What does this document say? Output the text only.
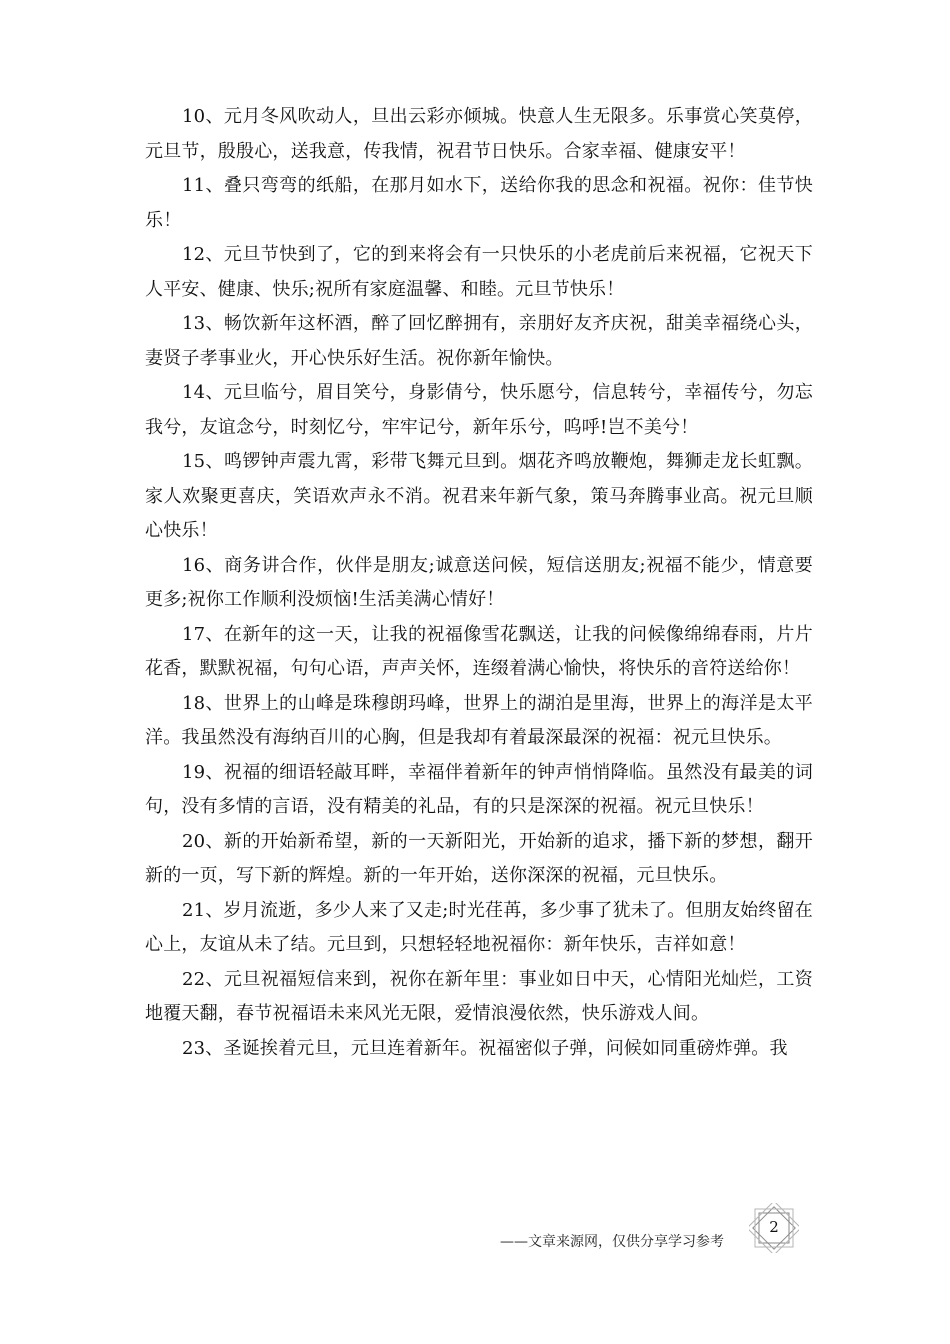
10、元月冬风吹动人，旦出云彩亦倾城。快意人生无限多。乐事赏心笑莫停，元旦节，殷殷心，送我意，传我情，祝君节日快乐。合家幸福、健康安平！

11、叠只弯弯的纸船，在那月如水下，送给你我的思念和祝福。祝你：佳节快乐！

12、元旦节快到了，它的到来将会有一只快乐的小老虎前后来祝福，它祝天下人平安、健康、快乐;祝所有家庭温馨、和睦。元旦节快乐！

13、畅饮新年这杯酒，醉了回忆醉拥有，亲朋好友齐庆祝，甜美幸福绕心头，妻贤子孝事业火，开心快乐好生活。祝你新年愉快。

14、元旦临兮，眉目笑兮，身影倩兮，快乐愿兮，信息转兮，幸福传兮，勿忘我兮，友谊念兮，时刻忆兮，牢牢记兮，新年乐兮，呜呼!岂不美兮！

15、鸣锣钟声震九霄，彩带飞舞元旦到。烟花齐鸣放鞭炮，舞狮走龙长虹飘。家人欢聚更喜庆，笑语欢声永不消。祝君来年新气象，策马奔腾事业高。祝元旦顺心快乐！

16、商务讲合作，伙伴是朋友;诚意送问候，短信送朋友;祝福不能少，情意要更多;祝你工作顺利没烦恼!生活美满心情好！

17、在新年的这一天，让我的祝福像雪花飘送，让我的问候像绵绵春雨，片片花香，默默祝福，句句心语，声声关怀，连缀着满心愉快，将快乐的音符送给你！

18、世界上的山峰是珠穆朗玛峰，世界上的湖泊是里海，世界上的海洋是太平洋。我虽然没有海纳百川的心胸，但是我却有着最深最深的祝福：祝元旦快乐。

19、祝福的细语轻敲耳畔，幸福伴着新年的钟声悄悄降临。虽然没有最美的词句，没有多情的言语，没有精美的礼品，有的只是深深的祝福。祝元旦快乐！

20、新的开始新希望，新的一天新阳光，开始新的追求，播下新的梦想，翻开新的一页，写下新的辉煌。新的一年开始，送你深深的祝福，元旦快乐。

21、岁月流逝，多少人来了又走;时光荏苒，多少事了犹未了。但朋友始终留在心上，友谊从未了结。元旦到，只想轻轻地祝福你：新年快乐，吉祥如意！

22、元旦祝福短信来到，祝你在新年里：事业如日中天，心情阳光灿烂，工资地覆天翻，春节祝福语未来风光无限，爱情浪漫依然，快乐游戏人间。

23、圣诞挨着元旦，元旦连着新年。祝福密似子弹，问候如同重磅炸弹。我

——文章来源网，仅供分享学习参考
2
